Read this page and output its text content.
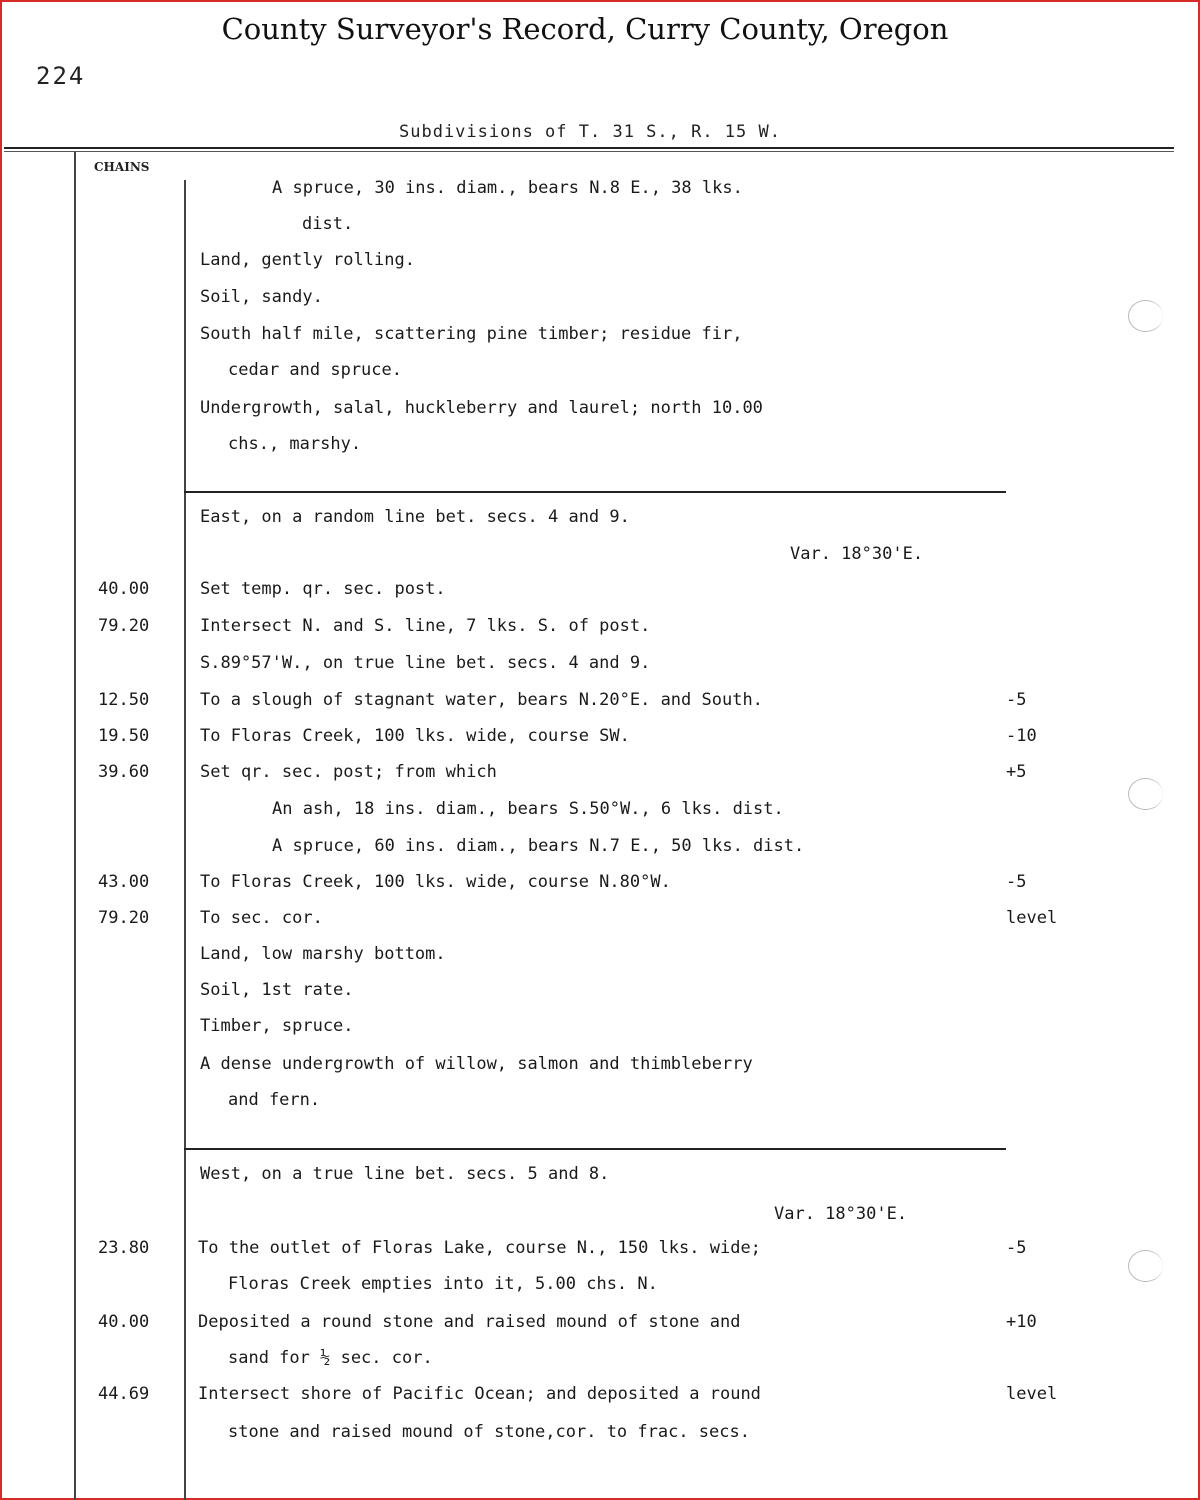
County Surveyor's Record, Curry County, Oregon
224
Subdivisions of T. 31 S., R. 15 W.
CHAINS
A spruce, 30 ins. diam., bears N.8 E., 38 lks.
dist.
Land, gently rolling.
Soil, sandy.
South half mile, scattering pine timber; residue fir,
cedar and spruce.
Undergrowth, salal, huckleberry and laurel; north 10.00
chs., marshy.
East, on a random line bet. secs. 4 and 9.
Var. 18°30'E.
40.00	Set temp. qr. sec. post.
79.20	Intersect N. and S. line, 7 lks. S. of post.
S.89°57'W., on true line bet. secs. 4 and 9.
12.50	To a slough of stagnant water, bears N.20°E. and South.	-5
19.50	To Floras Creek, 100 lks. wide, course SW.	-10
39.60	Set qr. sec. post; from which	+5
An ash, 18 ins. diam., bears S.50°W., 6 lks. dist.
A spruce, 60 ins. diam., bears N.7 E., 50 lks. dist.
43.00	To Floras Creek, 100 lks. wide, course N.80°W.	-5
79.20	To sec. cor.	level
Land, low marshy bottom.
Soil, 1st rate.
Timber, spruce.
A dense undergrowth of willow, salmon and thimbleberry
and fern.
West, on a true line bet. secs. 5 and 8.
Var. 18°30'E.
23.80	To the outlet of Floras Lake, course N., 150 lks. wide;	-5
Floras Creek empties into it, 5.00 chs. N.
40.00	Deposited a round stone and raised mound of stone and	+10
sand for ½ sec. cor.
44.69	Intersect shore of Pacific Ocean; and deposited a round	level
stone and raised mound of stone,cor. to frac. secs.
